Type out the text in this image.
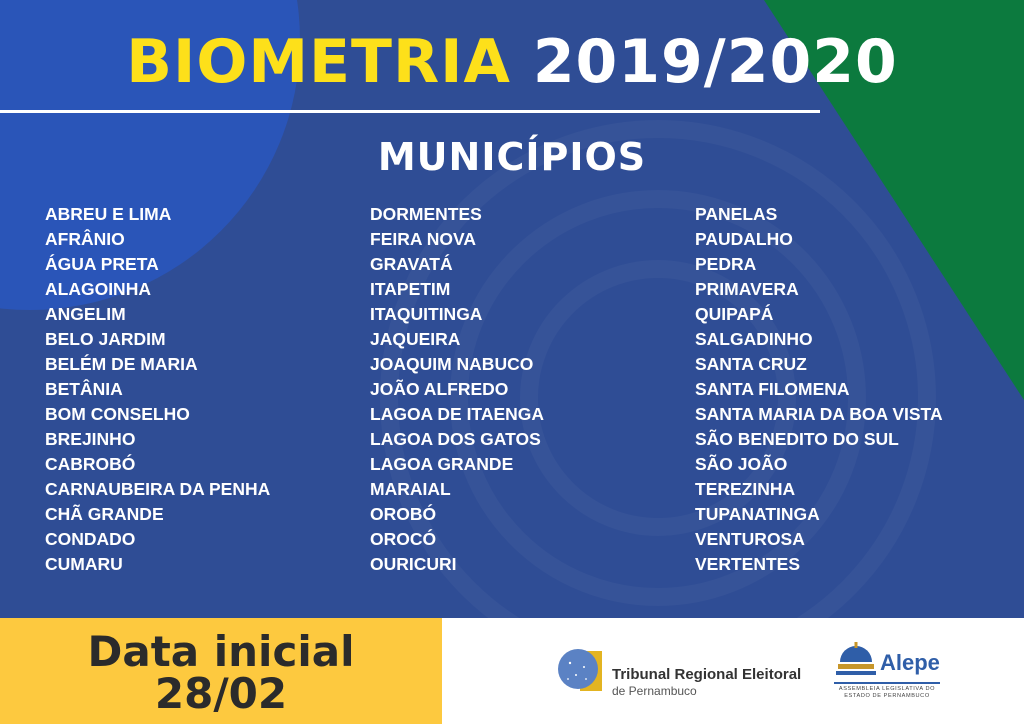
BIOMETRIA 2019/2020
MUNICÍPIOS
ABREU E LIMA
AFRÂNIO
ÁGUA PRETA
ALAGOINHA
ANGELIM
BELO JARDIM
BELÉM DE MARIA
BETÂNIA
BOM CONSELHO
BREJINHO
CABROBÓ
CARNAUBEIRA DA PENHA
CHÃ GRANDE
CONDADO
CUMARU
DORMENTES
FEIRA NOVA
GRAVATÁ
ITAPETIM
ITAQUITINGA
JAQUEIRA
JOAQUIM NABUCO
JOÃO ALFREDO
LAGOA DE ITAENGA
LAGOA DOS GATOS
LAGOA GRANDE
MARAIAL
OROBÓ
OROCÓ
OURICURI
PANELAS
PAUDALHO
PEDRA
PRIMAVERA
QUIPAPÁ
SALGADINHO
SANTA CRUZ
SANTA FILOMENA
SANTA MARIA DA BOA VISTA
SÃO BENEDITO DO SUL
SÃO JOÃO
TEREZINHA
TUPANATINGA
VENTUROSA
VERTENTES
Data inicial
28/02	Tribunal Regional Eleitoral
de Pernambuco
Alepe
ASSEMBLEIA LEGISLATIVA DO ESTADO DE PERNAMBUCO
